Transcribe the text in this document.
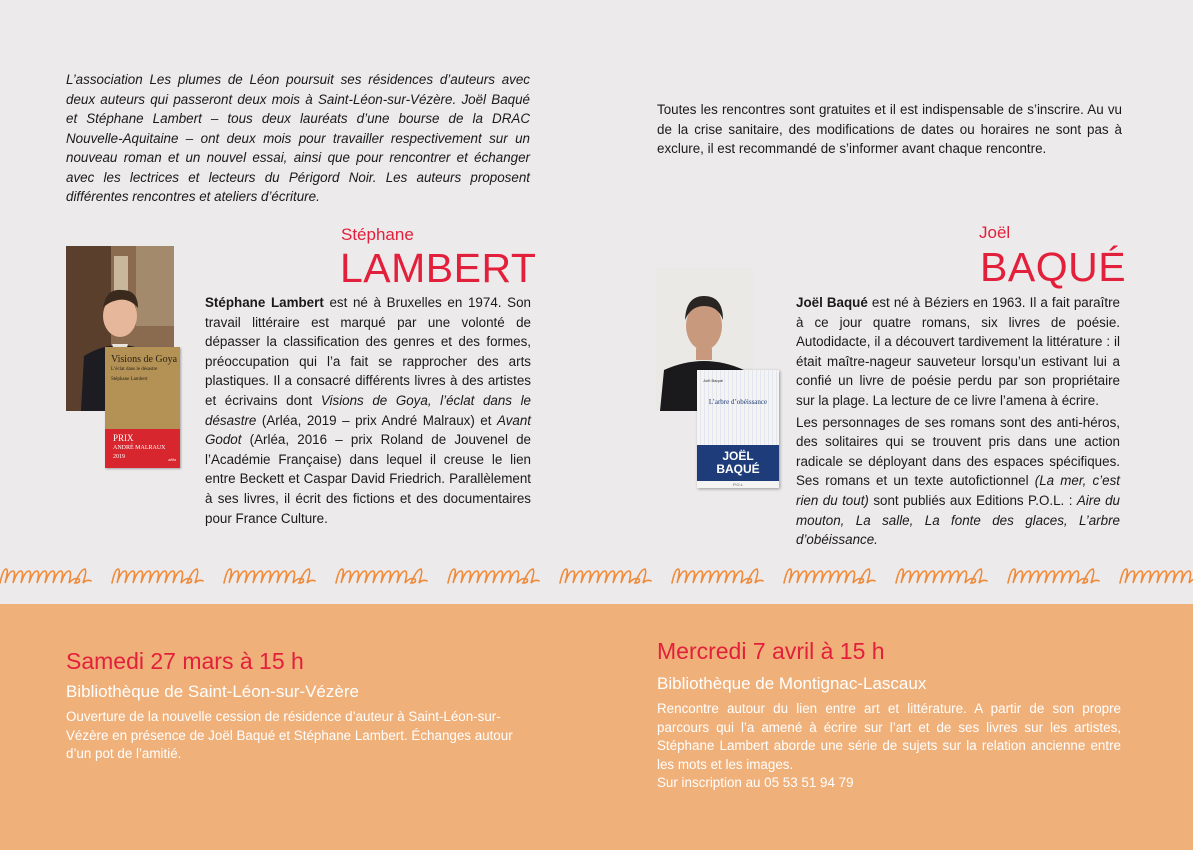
L’association Les plumes de Léon poursuit ses résidences d’auteurs avec deux auteurs qui passeront deux mois à Saint-Léon-sur-Vézère. Joël Baqué et Stéphane Lambert – tous deux lauréats d’une bourse de la DRAC Nouvelle-Aquitaine – ont deux mois pour travailler respectivement sur un nouveau roman et un nouvel essai, ainsi que pour rencontrer et échanger avec les lectrices et lecteurs du Périgord Noir. Les auteurs proposent différentes rencontres et ateliers d’écriture.
Toutes les rencontres sont gratuites et il est indispensable de s’inscrire. Au vu de la crise sanitaire, des modifications de dates ou horaires ne sont pas à exclure, il est recommandé de s’informer avant chaque rencontre.
Stéphane
LAMBERT
Visions de Goya
L’éclat dans le désastre
Stéphane Lambert
PRIX
ANDRÉ MALRAUX
2019	arléa

Stéphane Lambert est né à Bruxelles en 1974. Son travail littéraire est marqué par une volonté de dépasser la classification des genres et des formes, préoccupation qui l’a fait se rapprocher des arts plastiques. Il a consacré différents livres à des artistes et écrivains dont Visions de Goya, l’éclat dans le désastre (Arléa, 2019 – prix André Malraux) et Avant Godot (Arléa, 2016 – prix Roland de Jouvenel de l’Académie Française) dans lequel il creuse le lien entre Beckett et Caspar David Friedrich. Parallèlement à ses livres, il écrit des fictions et des documentaires pour France Culture.

Joël
BAQUÉ
Joël Baqué
L’arbre d’obéissance
JOËL
BAQUÉ
P.O.L

Joël Baqué est né à Béziers en 1963. Il a fait paraître à ce jour quatre romans, six livres de poésie. Autodidacte, il a découvert tardivement la littérature : il était maître-nageur sauveteur lorsqu’un estivant lui a confié un livre de poésie perdu par son propriétaire sur la plage. La lecture de ce livre l’amena à écrire.

Les personnages de ses romans sont des anti-héros, des solitaires qui se trouvent pris dans une action radicale se déployant dans des espaces spécifiques. Ses romans et un texte autofictionnel (La mer, c’est rien du tout) sont publiés aux Editions P.O.L. : Aire du mouton, La salle, La fonte des glaces, L’arbre d’obéissance.

Samedi 27 mars à 15 h
Bibliothèque de Saint-Léon-sur-Vézère
Ouverture de la nouvelle cession de résidence d’auteur à Saint-Léon-sur-Vézère en présence de Joël Baqué et Stéphane Lambert. Échanges autour d’un pot de l’amitié.
Mercredi 7 avril à 15 h
Bibliothèque de Montignac-Lascaux
Rencontre autour du lien entre art et littérature. A partir de son propre parcours qui l’a amené à écrire sur l’art et de ses livres sur les artistes, Stéphane Lambert aborde une série de sujets sur la relation ancienne entre les mots et les images.
Sur inscription au 05 53 51 94 79
